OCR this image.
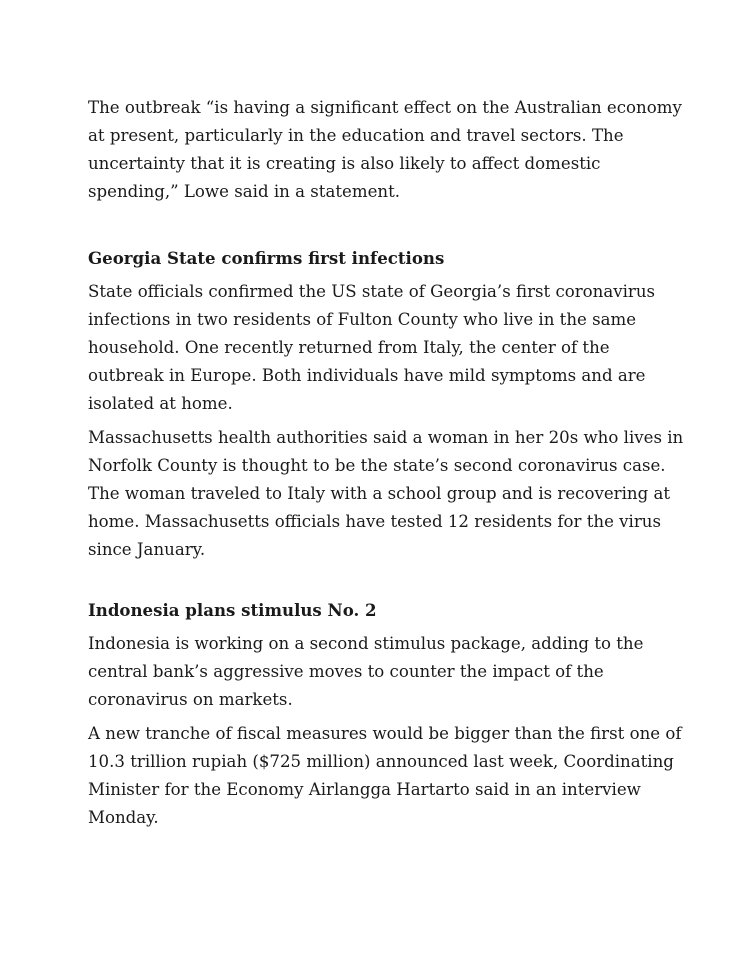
The outbreak “is having a significant effect on the Australian economy at present, particularly in the education and travel sectors. The uncertainty that it is creating is also likely to affect domestic spending,” Lowe said in a statement.

Georgia State confirms first infections

State officials confirmed the US state of Georgia’s first coronavirus infections in two residents of Fulton County who live in the same household. One recently returned from Italy, the center of the outbreak in Europe. Both individuals have mild symptoms and are isolated at home.

Massachusetts health authorities said a woman in her 20s who lives in Norfolk County is thought to be the state’s second coronavirus case. The woman traveled to Italy with a school group and is recovering at home. Massachusetts officials have tested 12 residents for the virus since January.

Indonesia plans stimulus No. 2

Indonesia is working on a second stimulus package, adding to the central bank’s aggressive moves to counter the impact of the coronavirus on markets.

A new tranche of fiscal measures would be bigger than the first one of 10.3 trillion rupiah ($725 million) announced last week, Coordinating Minister for the Economy Airlangga Hartarto said in an interview Monday.
